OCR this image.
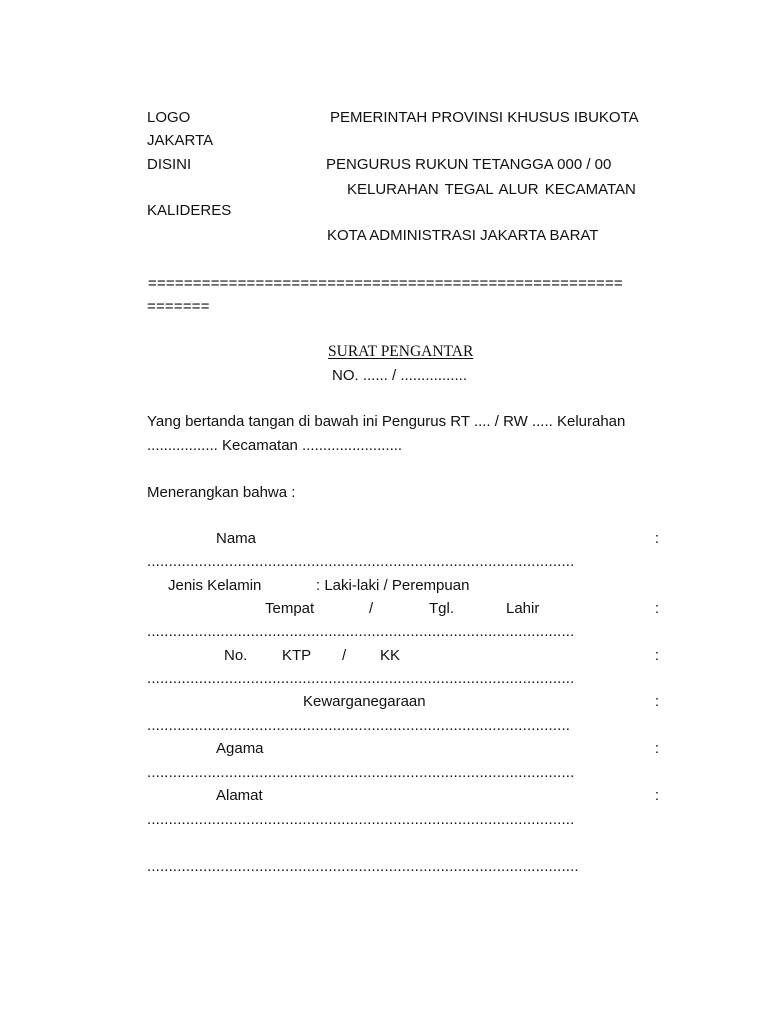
LOGO	PEMERINTAH PROVINSI KHUSUS IBUKOTA
JAKARTA
DISINI	PENGURUS RUKUN TETANGGA 000 / 00
KELURAHAN TEGAL ALUR KECAMATAN
KALIDERES
KOTA ADMINISTRASI JAKARTA BARAT
=====================================================
=======
SURAT PENGANTAR
NO. ...... / ................
Yang bertanda tangan di bawah ini Pengurus RT .... / RW ..... Kelurahan
................. Kecamatan ........................
Menerangkan bahwa :
Nama	:
...................................................................................................
Jenis Kelamin	: Laki-laki / Perempuan
Tempat	/	Tgl.	Lahir	:
...................................................................................................
No. KTP / KK	:
...................................................................................................
Kewarganegaraan	:
..................................................................................................
Agama	:
...................................................................................................
Alamat	:
...................................................................................................
....................................................................................................
